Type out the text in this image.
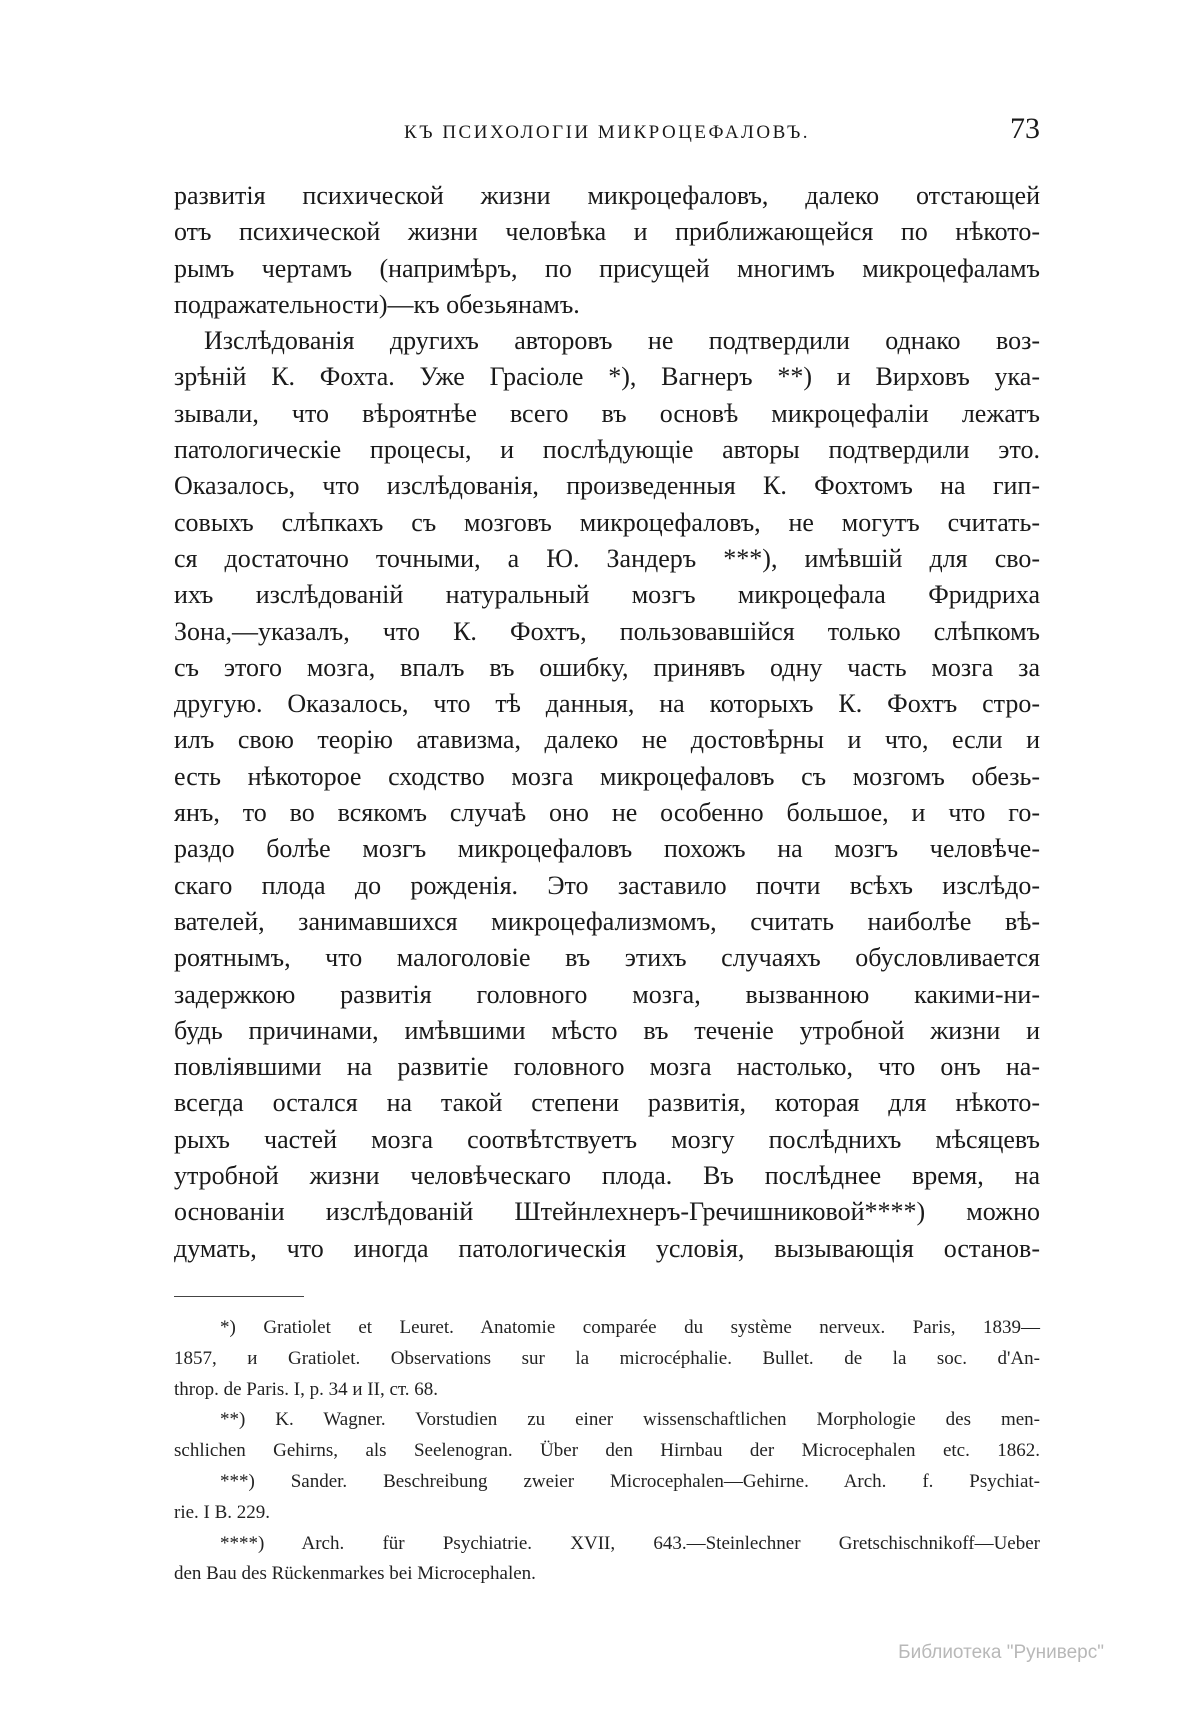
КЪ ПСИХОЛОГІИ МИКРОЦЕФАЛОВЪ.	73
развитія психической жизни микроцефаловъ, далеко отстающей
отъ психической жизни человѣка и приближающейся по нѣкото-
рымъ чертамъ (напримѣръ, по присущей многимъ микроцефаламъ
подражательности)—къ обезьянамъ.
Изслѣдованія другихъ авторовъ не подтвердили однако воз-
зрѣній К. Фохта. Уже Грасіоле *), Вагнеръ **) и Вирховъ ука-
зывали, что вѣроятнѣе всего въ основѣ микроцефаліи лежатъ
патологическіе процесы, и послѣдующіе авторы подтвердили это.
Оказалось, что изслѣдованія, произведенныя К. Фохтомъ на гип-
совыхъ слѣпкахъ съ мозговъ микроцефаловъ, не могутъ считать-
ся достаточно точными, а Ю. Зандеръ ***), имѣвшій для сво-
ихъ изслѣдованій натуральный мозгъ микроцефала Фридриха
Зона,—указалъ, что К. Фохтъ, пользовавшійся только слѣпкомъ
съ этого мозга, впалъ въ ошибку, принявъ одну часть мозга за
другую. Оказалось, что тѣ данныя, на которыхъ К. Фохтъ стро-
илъ свою теорію атавизма, далеко не достовѣрны и что, если и
есть нѣкоторое сходство мозга микроцефаловъ съ мозгомъ обезь-
янъ, то во всякомъ случаѣ оно не особенно большое, и что го-
раздо болѣе мозгъ микроцефаловъ похожъ на мозгъ человѣче-
скаго плода до рожденія. Это заставило почти всѣхъ изслѣдо-
вателей, занимавшихся микроцефализмомъ, считать наиболѣе вѣ-
роятнымъ, что малоголовіе въ этихъ случаяхъ обусловливается
задержкою развитія головного мозга, вызванною какими-ни-
будь причинами, имѣвшими мѣсто въ теченіе утробной жизни и
повліявшими на развитіе головного мозга настолько, что онъ на-
всегда остался на такой степени развитія, которая для нѣкото-
рыхъ частей мозга соотвѣтствуетъ мозгу послѣднихъ мѣсяцевъ
утробной жизни человѣческаго плода. Въ послѣднее время, на
основаніи изслѣдованій Штейнлехнеръ-Гречишниковой****) можно
думать, что иногда патологическія условія, вызывающія останов-
*) Gratiolet et Leuret. Anatomie comparée du système nerveux. Paris, 1839—
1857, и Gratiolet. Observations sur la microcéphalie. Bullet. de la soc. d'An-
throp. de Paris. I, p. 34 и II, ст. 68.
**) K. Wagner. Vorstudien zu einer wissenschaftlichen Morphologie des men-
schlichen Gehirns, als Seelenogran. Über den Hirnbau der Microcephalen etc. 1862.
***) Sander. Beschreibung zweier Microcephalen—Gehirne. Arch. f. Psychiat-
rie. I B. 229.
****) Arch. für Psychiatrie. XVII, 643.—Steinlechner Gretschischnikoff—Ueber
den Bau des Rückenmarkes bei Microcephalen.
Библиотека "Руниверс"
